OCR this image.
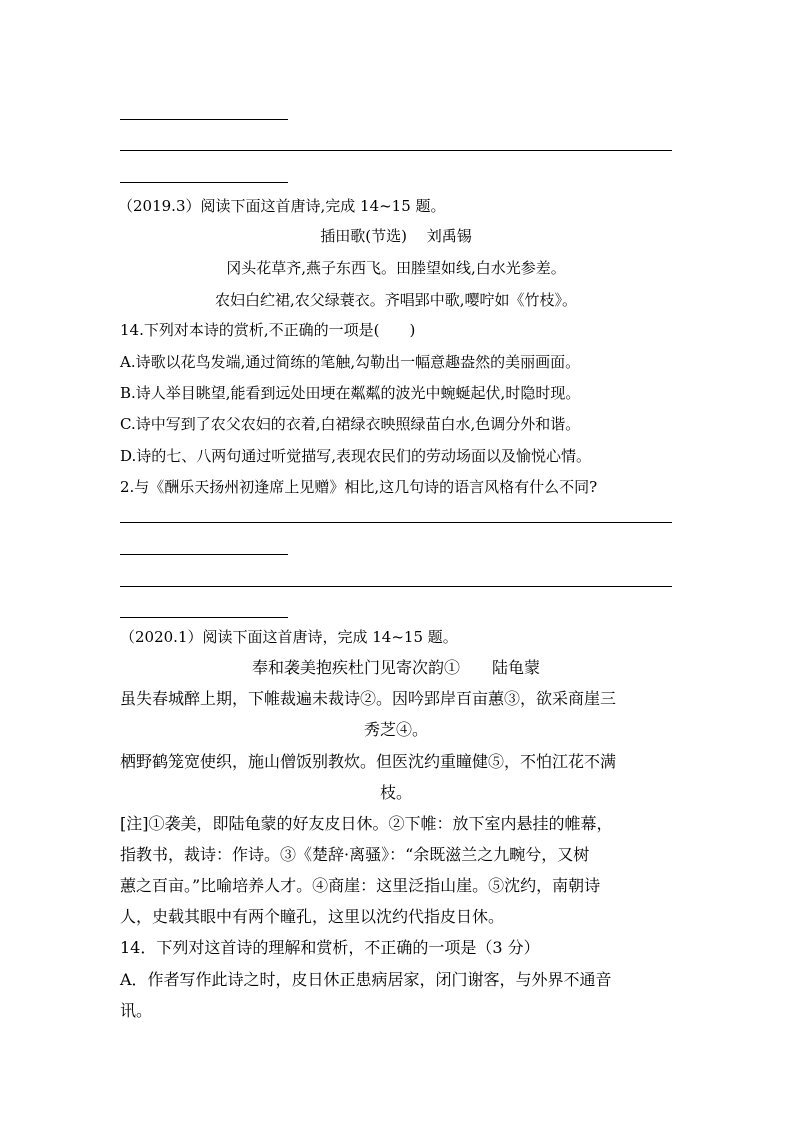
（2019.3）阅读下面这首唐诗,完成 14~15 题。
插田歌(节选)　 刘禹锡
冈头花草齐,燕子东西飞。田塍望如线,白水光参差。
农妇白纻裙,农父绿蓑衣。齐唱郢中歌,嘤咛如《竹枝》。
14.下列对本诗的赏析,不正确的一项是(　　)
A.诗歌以花鸟发端,通过简练的笔触,勾勒出一幅意趣盎然的美丽画面。
B.诗人举目眺望,能看到远处田埂在粼粼的波光中蜿蜒起伏,时隐时现。
C.诗中写到了农父农妇的衣着,白裙绿衣映照绿苗白水,色调分外和谐。
D.诗的七、八两句通过听觉描写,表现农民们的劳动场面以及愉悦心情。
2.与《酬乐天扬州初逢席上见赠》相比,这几句诗的语言风格有什么不同?
（2020.1）阅读下面这首唐诗，完成 14~15 题。
奉和袭美抱疾杜门见寄次韵①　　陆龟蒙
虽失春城醉上期，下帷裁遍未裁诗②。因吟郢岸百亩蕙③，欲采商崖三
秀芝④。
栖野鹤笼宽使织，施山僧饭别教炊。但医沈约重瞳健⑤，不怕江花不满
枝。
[注]①袭美，即陆龟蒙的好友皮日休。②下帷：放下室内悬挂的帷幕，
指教书，裁诗：作诗。③《楚辞·离骚》：“余既滋兰之九畹兮，又树
蕙之百亩。”比喻培养人才。④商崖：这里泛指山崖。⑤沈约，南朝诗
人，史载其眼中有两个瞳孔，这里以沈约代指皮日休。
14．下列对这首诗的理解和赏析，不正确的一项是（3 分）
A．作者写作此诗之时，皮日休正患病居家，闭门谢客，与外界不通音
讯。
